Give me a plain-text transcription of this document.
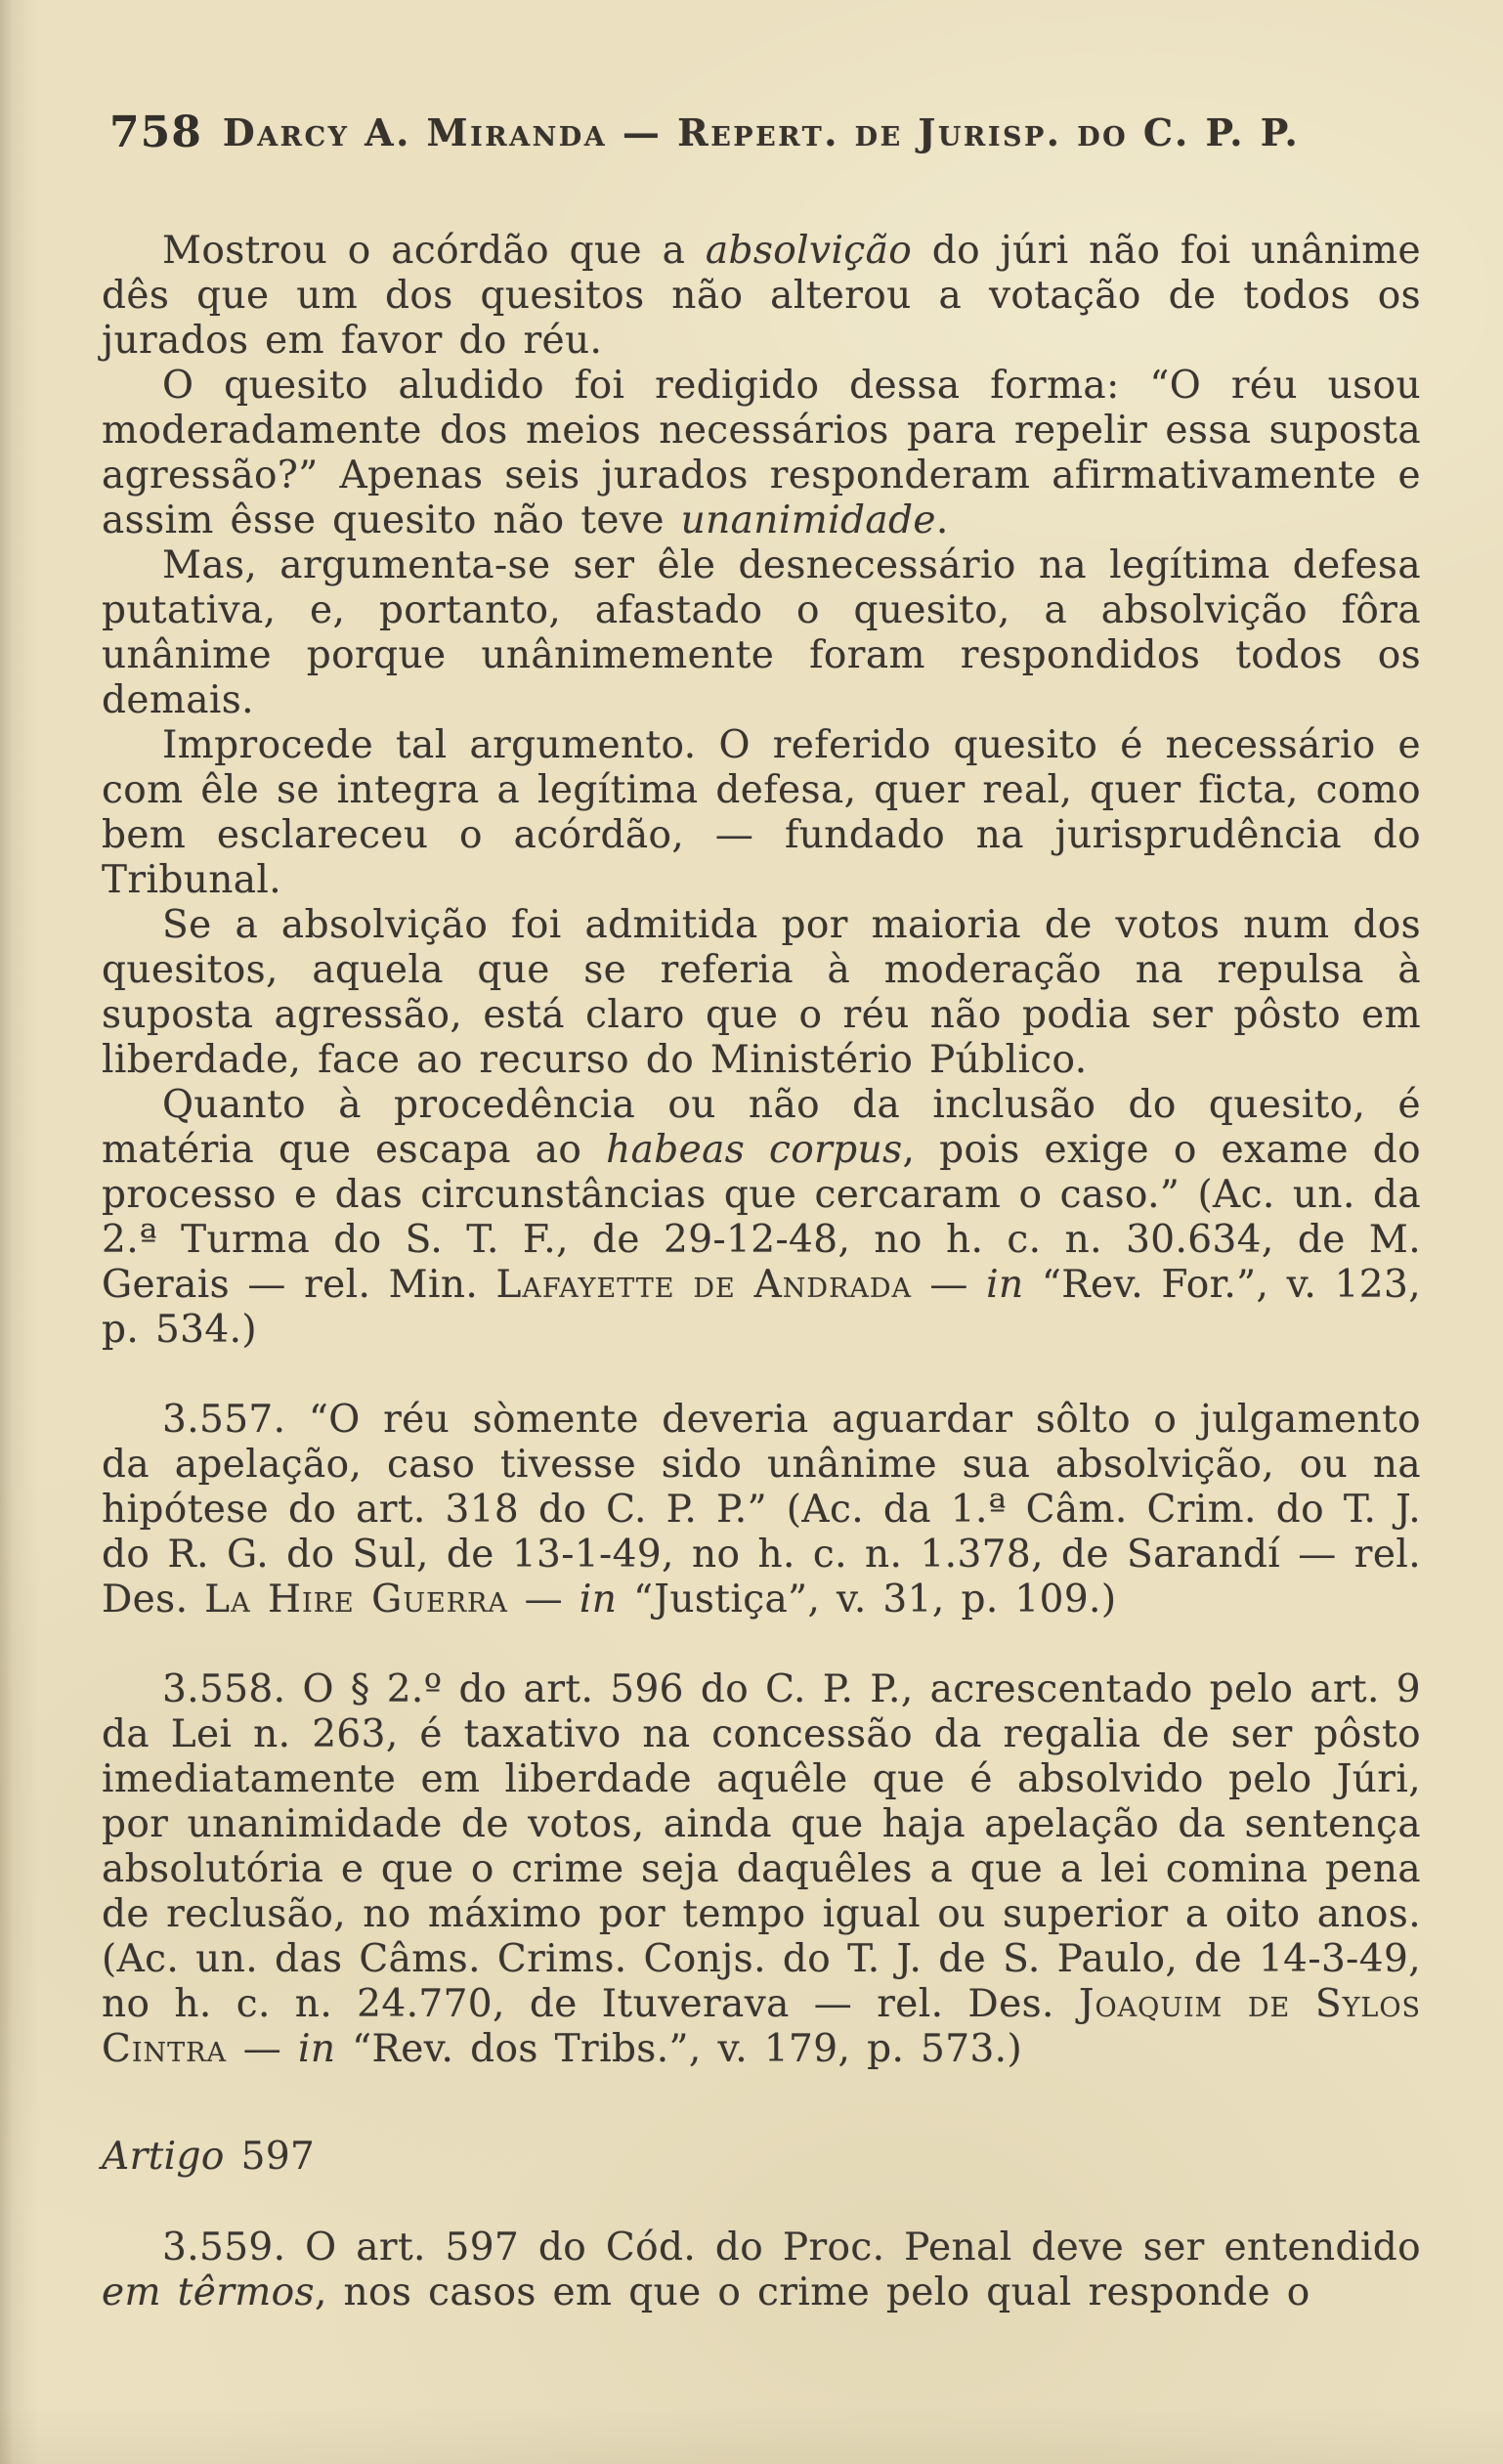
758 Darcy A. Miranda — Repert. de Jurisp. do C. P. P.

Mostrou o acórdão que a absolvição do júri não foi unânime dês que um dos quesitos não alterou a votação de todos os jurados em favor do réu.

O quesito aludido foi redigido dessa forma: “O réu usou moderadamente dos meios necessários para repelir essa suposta agressão?” Apenas seis jurados responderam afirmativamente e assim êsse quesito não teve unanimidade.

Mas, argumenta-se ser êle desnecessário na legítima defesa putativa, e, portanto, afastado o quesito, a absolvição fôra unânime porque unânimemente foram respondidos todos os demais.

Improcede tal argumento. O referido quesito é necessário e com êle se integra a legítima defesa, quer real, quer ficta, como bem esclareceu o acórdão, — fundado na jurisprudência do Tribunal.

Se a absolvição foi admitida por maioria de votos num dos quesitos, aquela que se referia à moderação na repulsa à suposta agressão, está claro que o réu não podia ser pôsto em liberdade, face ao recurso do Ministério Público.

Quanto à procedência ou não da inclusão do quesito, é matéria que escapa ao habeas corpus, pois exige o exame do processo e das circunstâncias que cercaram o caso.” (Ac. un. da 2.ª Turma do S. T. F., de 29-12-48, no h. c. n. 30.634, de M. Gerais — rel. Min. Lafayette de Andrada — in “Rev. For.”, v. 123, p. 534.)

3.557. “O réu sòmente deveria aguardar sôlto o julgamento da apelação, caso tivesse sido unânime sua absolvição, ou na hipótese do art. 318 do C. P. P.” (Ac. da 1.ª Câm. Crim. do T. J. do R. G. do Sul, de 13-1-49, no h. c. n. 1.378, de Sarandí — rel. Des. La Hire Guerra — in “Justiça”, v. 31, p. 109.)

3.558. O § 2.º do art. 596 do C. P. P., acrescentado pelo art. 9 da Lei n. 263, é taxativo na concessão da regalia de ser pôsto imediatamente em liberdade aquêle que é absolvido pelo Júri, por unanimidade de votos, ainda que haja apelação da sentença absolutória e que o crime seja daquêles a que a lei comina pena de reclusão, no máximo por tempo igual ou superior a oito anos. (Ac. un. das Câms. Crims. Conjs. do T. J. de S. Paulo, de 14-3-49, no h. c. n. 24.770, de Ituverava — rel. Des. Joaquim de Sylos Cintra — in “Rev. dos Tribs.”, v. 179, p. 573.)

Artigo 597

3.559. O art. 597 do Cód. do Proc. Penal deve ser entendido em têrmos, nos casos em que o crime pelo qual responde o
